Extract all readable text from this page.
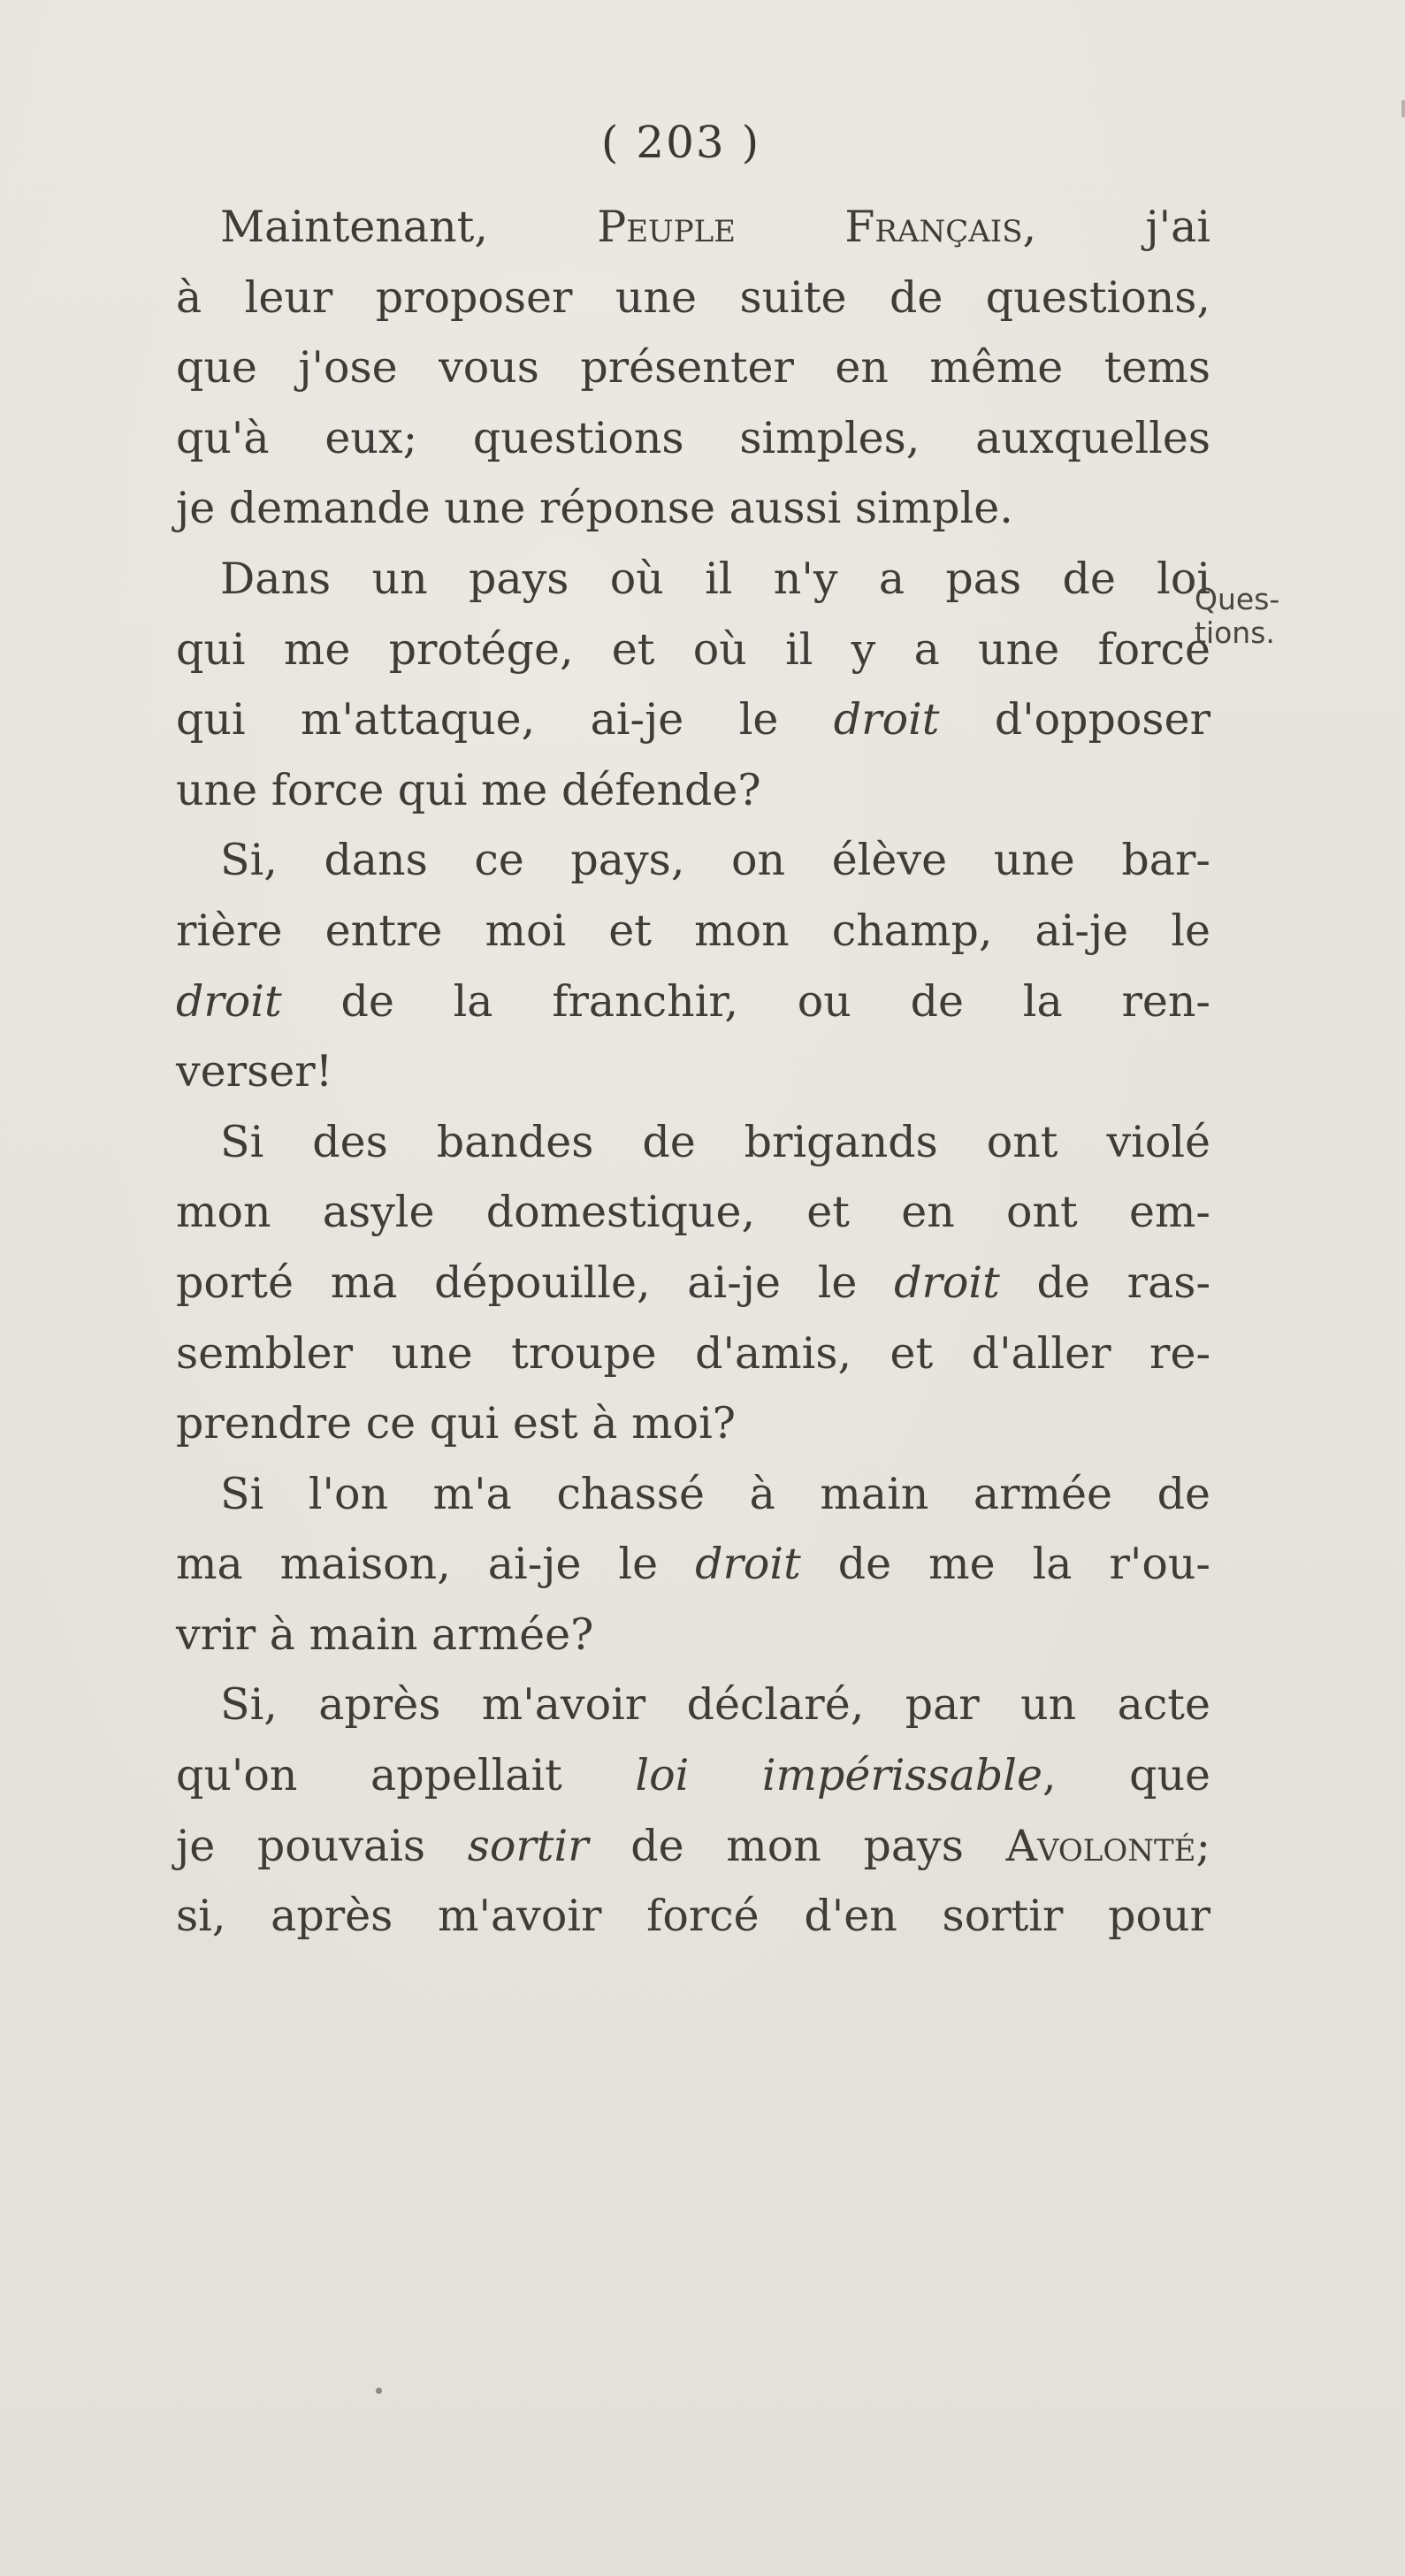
( 203 )
Maintenant, Peuple Français, j'ai
à leur proposer une suite de questions,
que j'ose vous présenter en même tems
qu'à eux; questions simples, auxquelles
je demande une réponse aussi simple.
Dans un pays où il n'y a pas de loi
qui me protége, et où il y a une force
qui m'attaque, ai-je le droit d'opposer
une force qui me défende?
Si, dans ce pays, on élève une bar-
rière entre moi et mon champ, ai-je le
droit de la franchir, ou de la ren-
verser!
Si des bandes de brigands ont violé
mon asyle domestique, et en ont em-
porté ma dépouille, ai-je le droit de ras-
sembler une troupe d'amis, et d'aller re-
prendre ce qui est à moi?
Si l'on m'a chassé à main armée de
ma maison, ai-je le droit de me la r'ou-
vrir à main armée?
Si, après m'avoir déclaré, par un acte
qu'on appellait loi impérissable, que
je pouvais sortir de mon pays Avolonté;
si, après m'avoir forcé d'en sortir pour
Ques-
tions.
